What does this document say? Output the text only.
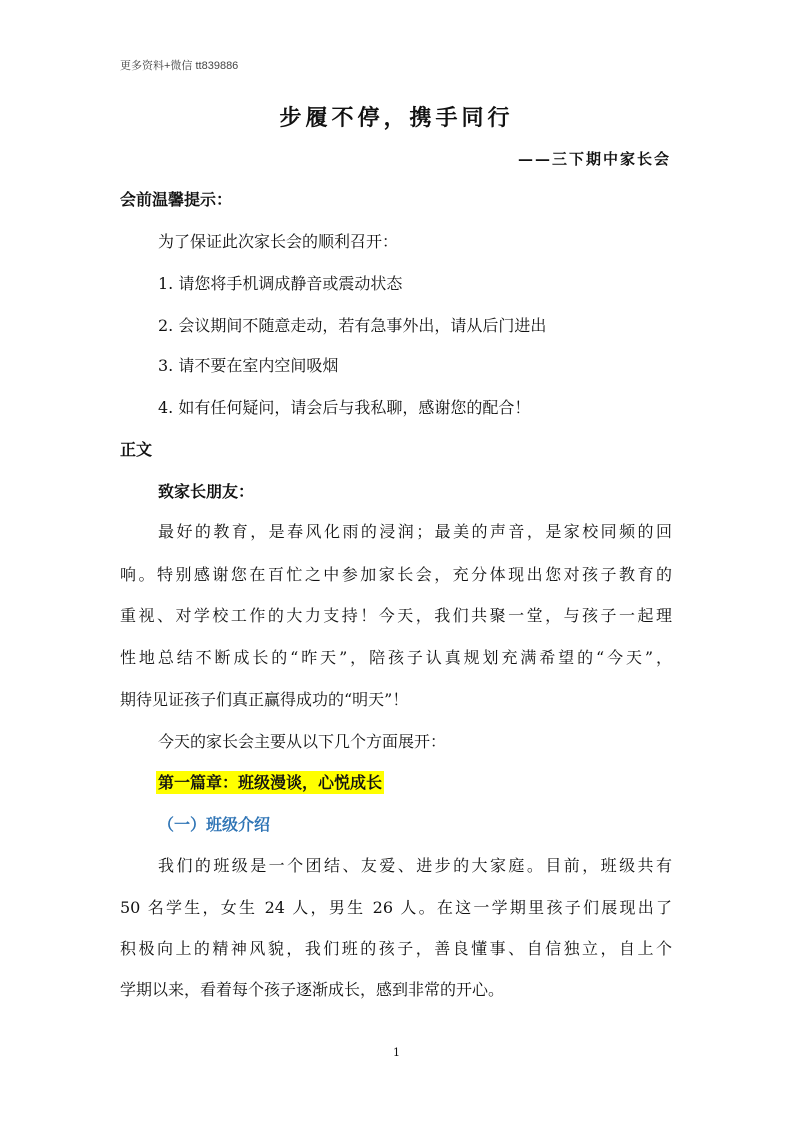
更多资料+微信 tt839886
步履不停，携手同行
——三下期中家长会
会前温馨提示：
为了保证此次家长会的顺利召开：
1. 请您将手机调成静音或震动状态
2. 会议期间不随意走动，若有急事外出，请从后门进出
3. 请不要在室内空间吸烟
4. 如有任何疑问，请会后与我私聊，感谢您的配合！
正文
致家长朋友：
最好的教育，是春风化雨的浸润；最美的声音，是家校同频的回
响。特别感谢您在百忙之中参加家长会，充分体现出您对孩子教育的
重视、对学校工作的大力支持！今天，我们共聚一堂，与孩子一起理
性地总结不断成长的“昨天”，陪孩子认真规划充满希望的“今天”，
期待见证孩子们真正赢得成功的“明天”！
今天的家长会主要从以下几个方面展开：
第一篇章：班级漫谈，心悦成长
（一）班级介绍
我们的班级是一个团结、友爱、进步的大家庭。目前，班级共有
50 名学生，女生 24 人，男生 26 人。在这一学期里孩子们展现出了
积极向上的精神风貌，我们班的孩子，善良懂事、自信独立，自上个
学期以来，看着每个孩子逐渐成长，感到非常的开心。
1
